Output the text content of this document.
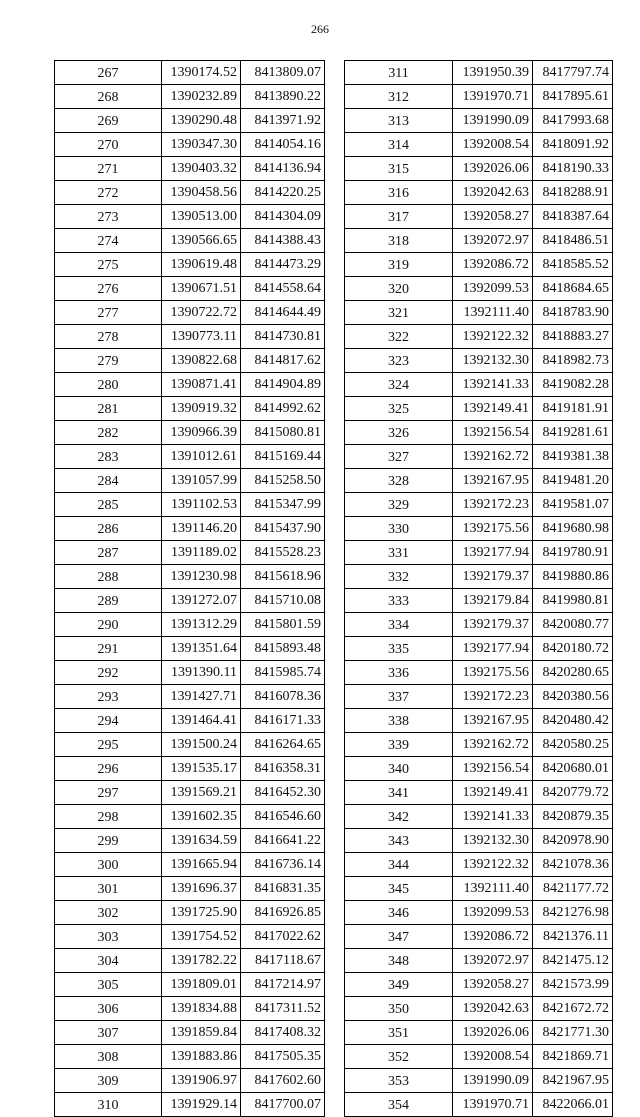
266
267	1390174.52	8413809.07
268	1390232.89	8413890.22
269	1390290.48	8413971.92
270	1390347.30	8414054.16
271	1390403.32	8414136.94
272	1390458.56	8414220.25
273	1390513.00	8414304.09
274	1390566.65	8414388.43
275	1390619.48	8414473.29
276	1390671.51	8414558.64
277	1390722.72	8414644.49
278	1390773.11	8414730.81
279	1390822.68	8414817.62
280	1390871.41	8414904.89
281	1390919.32	8414992.62
282	1390966.39	8415080.81
283	1391012.61	8415169.44
284	1391057.99	8415258.50
285	1391102.53	8415347.99
286	1391146.20	8415437.90
287	1391189.02	8415528.23
288	1391230.98	8415618.96
289	1391272.07	8415710.08
290	1391312.29	8415801.59
291	1391351.64	8415893.48
292	1391390.11	8415985.74
293	1391427.71	8416078.36
294	1391464.41	8416171.33
295	1391500.24	8416264.65
296	1391535.17	8416358.31
297	1391569.21	8416452.30
298	1391602.35	8416546.60
299	1391634.59	8416641.22
300	1391665.94	8416736.14
301	1391696.37	8416831.35
302	1391725.90	8416926.85
303	1391754.52	8417022.62
304	1391782.22	8417118.67
305	1391809.01	8417214.97
306	1391834.88	8417311.52
307	1391859.84	8417408.32
308	1391883.86	8417505.35
309	1391906.97	8417602.60
310	1391929.14	8417700.07
311	1391950.39	8417797.74
312	1391970.71	8417895.61
313	1391990.09	8417993.68
314	1392008.54	8418091.92
315	1392026.06	8418190.33
316	1392042.63	8418288.91
317	1392058.27	8418387.64
318	1392072.97	8418486.51
319	1392086.72	8418585.52
320	1392099.53	8418684.65
321	1392111.40	8418783.90
322	1392122.32	8418883.27
323	1392132.30	8418982.73
324	1392141.33	8419082.28
325	1392149.41	8419181.91
326	1392156.54	8419281.61
327	1392162.72	8419381.38
328	1392167.95	8419481.20
329	1392172.23	8419581.07
330	1392175.56	8419680.98
331	1392177.94	8419780.91
332	1392179.37	8419880.86
333	1392179.84	8419980.81
334	1392179.37	8420080.77
335	1392177.94	8420180.72
336	1392175.56	8420280.65
337	1392172.23	8420380.56
338	1392167.95	8420480.42
339	1392162.72	8420580.25
340	1392156.54	8420680.01
341	1392149.41	8420779.72
342	1392141.33	8420879.35
343	1392132.30	8420978.90
344	1392122.32	8421078.36
345	1392111.40	8421177.72
346	1392099.53	8421276.98
347	1392086.72	8421376.11
348	1392072.97	8421475.12
349	1392058.27	8421573.99
350	1392042.63	8421672.72
351	1392026.06	8421771.30
352	1392008.54	8421869.71
353	1391990.09	8421967.95
354	1391970.71	8422066.01
